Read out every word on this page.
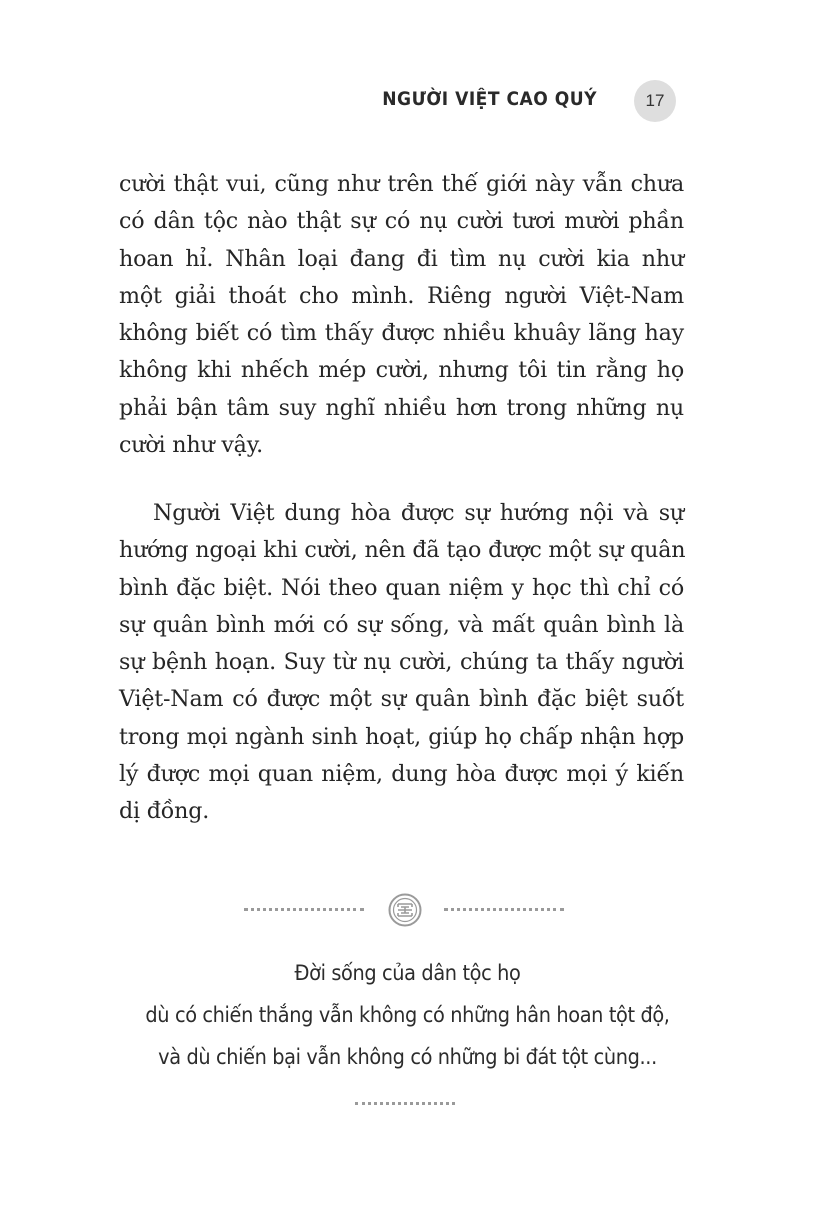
NGƯỜI VIỆT CAO QUÝ	17
cười thật vui, cũng như trên thế giới này vẫn chưa
có dân tộc nào thật sự có nụ cười tươi mười phần
hoan hỉ. Nhân loại đang đi tìm nụ cười kia như
một giải thoát cho mình. Riêng người Việt-Nam
không biết có tìm thấy được nhiều khuây lãng hay
không khi nhếch mép cười, nhưng tôi tin rằng họ
phải bận tâm suy nghĩ nhiều hơn trong những nụ
cười như vậy.
Người Việt dung hòa được sự hướng nội và sự
hướng ngoại khi cười, nên đã tạo được một sự quân
bình đặc biệt. Nói theo quan niệm y học thì chỉ có
sự quân bình mới có sự sống, và mất quân bình là
sự bệnh hoạn. Suy từ nụ cười, chúng ta thấy người
Việt-Nam có được một sự quân bình đặc biệt suốt
trong mọi ngành sinh hoạt, giúp họ chấp nhận hợp
lý được mọi quan niệm, dung hòa được mọi ý kiến
dị đồng.
Đời sống của dân tộc họ
dù có chiến thắng vẫn không có những hân hoan tột độ,
và dù chiến bại vẫn không có những bi đát tột cùng...
